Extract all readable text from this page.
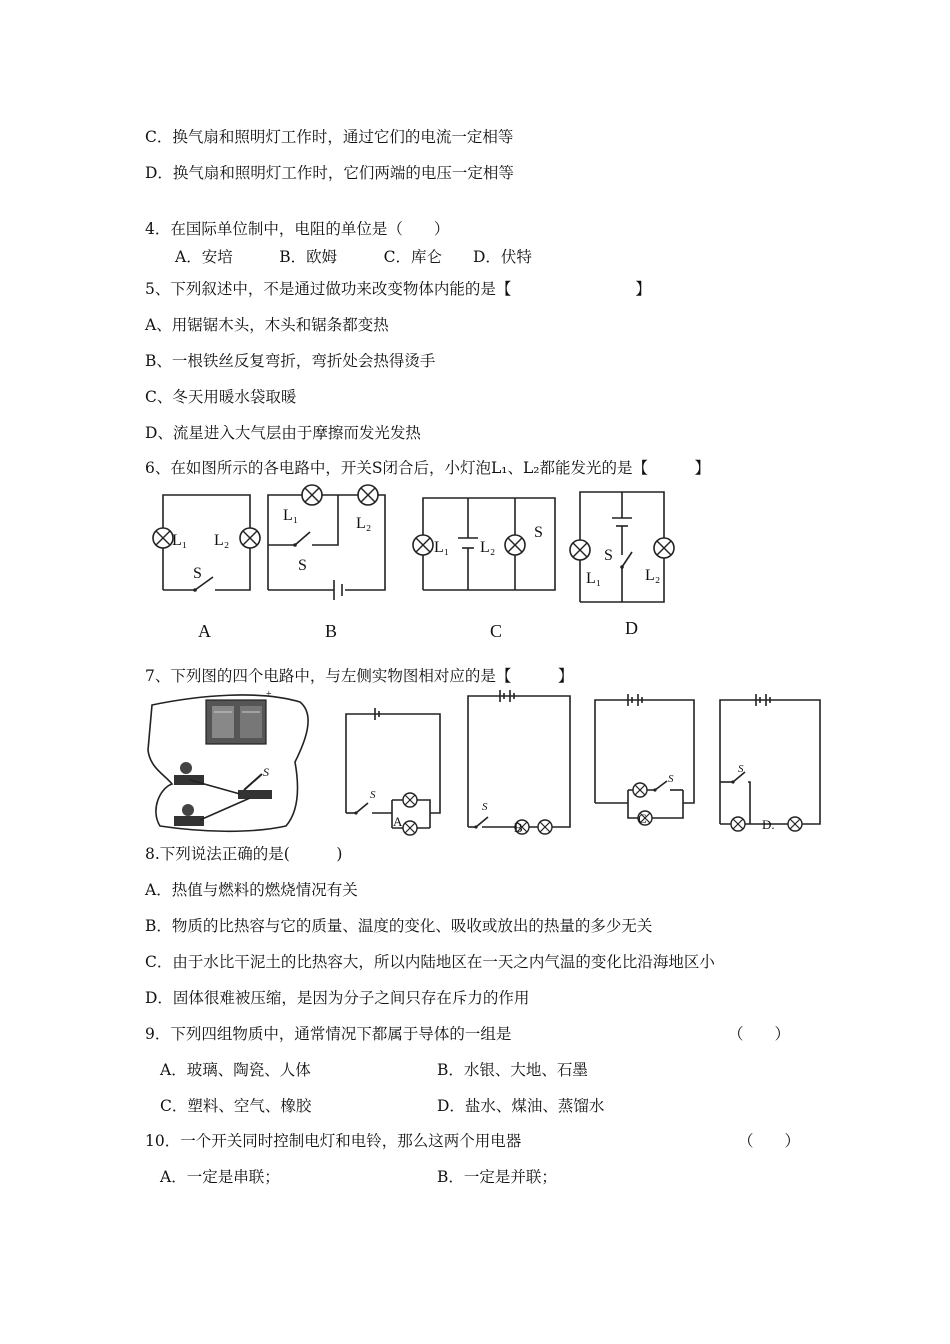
C．换气扇和照明灯工作时，通过它们的电流一定相等
D．换气扇和照明灯工作时，它们两端的电压一定相等
4．在国际单位制中，电阻的单位是（　　）
A．安培　　　B．欧姆　　　C．库仑　　D．伏特
5、下列叙述中，不是通过做功来改变物体内能的是【　　　　　　　　】
A、用锯锯木头，木头和锯条都变热
B、一根铁丝反复弯折，弯折处会热得烫手
C、冬天用暖水袋取暖
D、流星进入大气层由于摩擦而发光发热
6、在如图所示的各电路中，开关S闭合后，小灯泡L₁、L₂都能发光的是【　　　】
7、下列图的四个电路中，与左侧实物图相对应的是【　　　】
8.下列说法正确的是(　　　)
A．热值与燃料的燃烧情况有关
B．物质的比热容与它的质量、温度的变化、吸收或放出的热量的多少无关
C．由于水比干泥土的比热容大，所以内陆地区在一天之内气温的变化比沿海地区小
D．固体很难被压缩，是因为分子之间只存在斥力的作用
9．下列四组物质中，通常情况下都属于导体的一组是	（　　）
A．玻璃、陶瓷、人体	B．水银、大地、石墨
C．塑料、空气、橡胶	D．盐水、煤油、蒸馏水
10．一个开关同时控制电灯和电铃，那么这两个用电器	（　　）
A．一定是串联；	B．一定是并联；
L₁ L₂
S
A
L₁	L₂
S
B
L₁ L₂
S
C
L₁	L₂
S
D
+
S
S
A
S
B
S
C
S
D.
